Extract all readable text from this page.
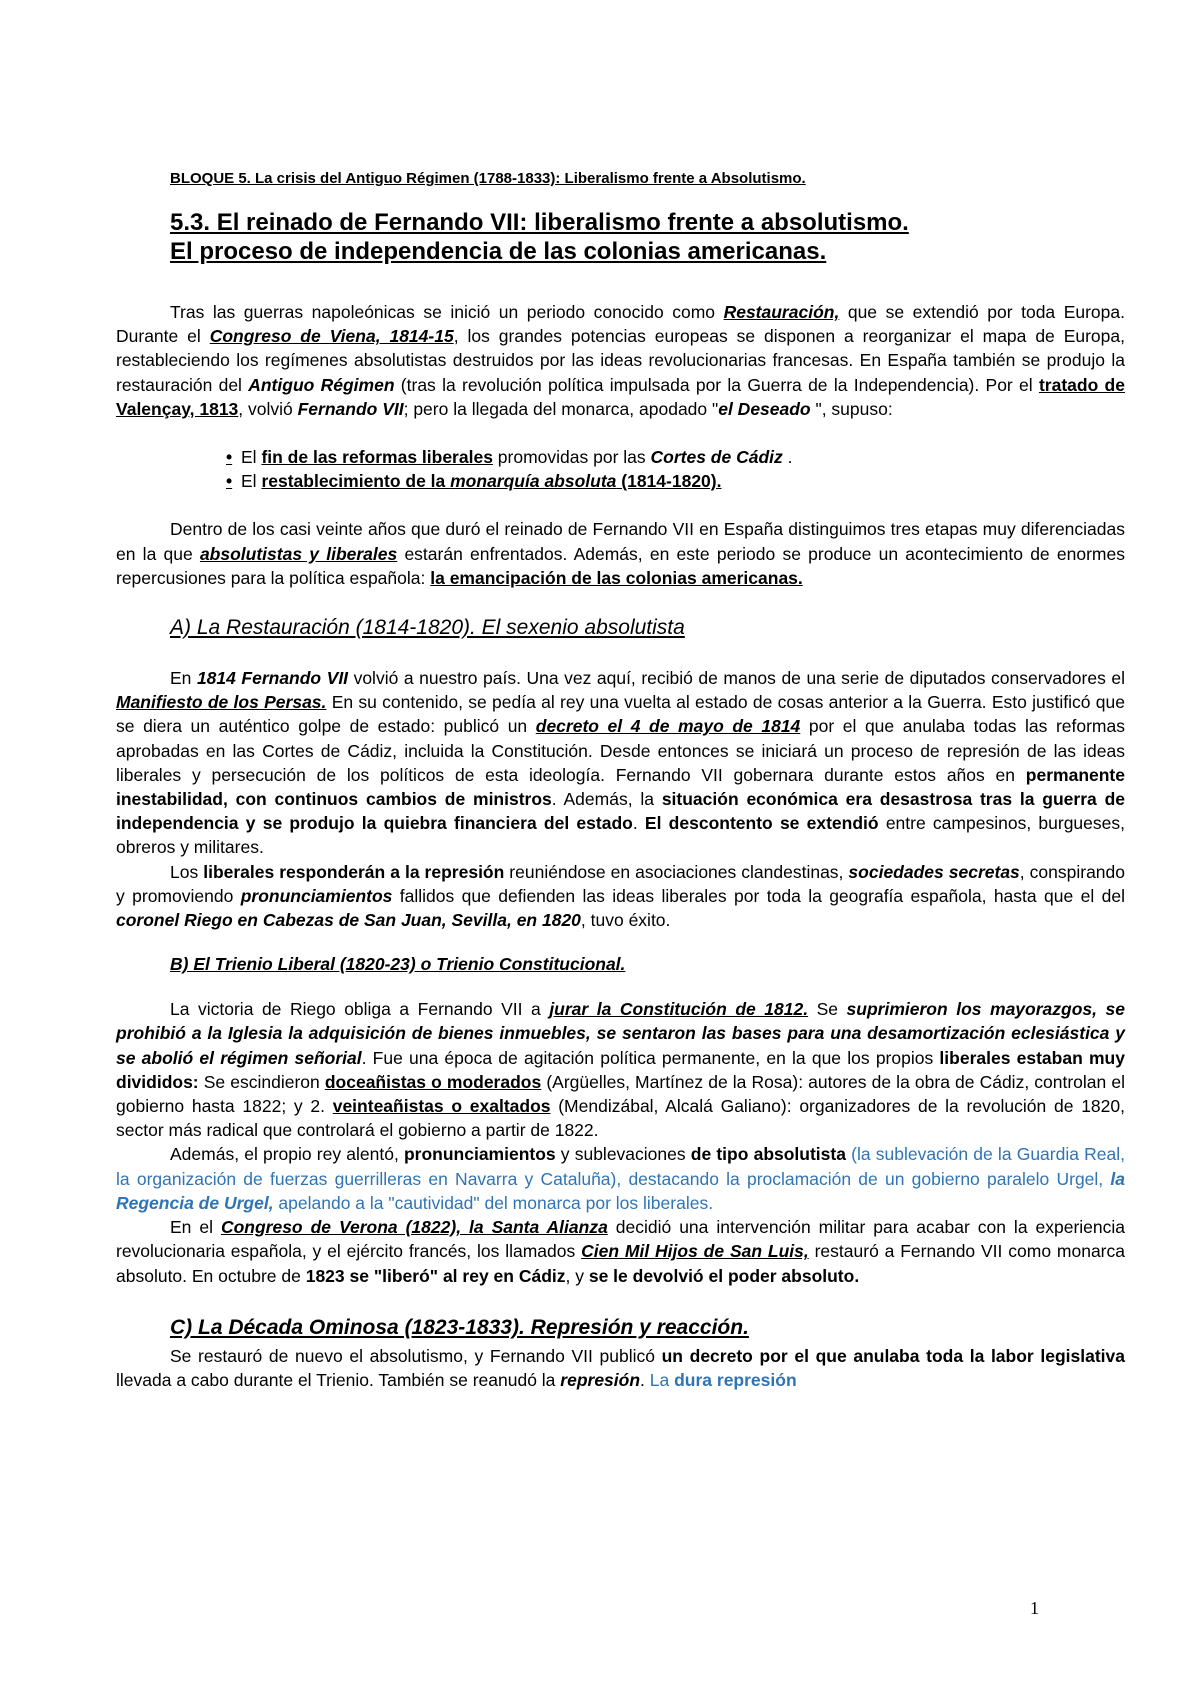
BLOQUE 5. La crisis del Antiguo Régimen (1788-1833): Liberalismo frente a Absolutismo.
5.3. El reinado de Fernando VII: liberalismo frente a absolutismo.
El proceso de independencia de las colonias americanas.

Tras las guerras napoleónicas se inició un periodo conocido como Restauración, que se extendió por toda Europa. Durante el Congreso de Viena, 1814-15, los grandes potencias europeas se disponen a reorganizar el mapa de Europa, restableciendo los regímenes absolutistas destruidos por las ideas revolucionarias francesas. En España también se produjo la restauración del Antiguo Régimen (tras la revolución política impulsada por la Guerra de la Independencia). Por el tratado de Valençay, 1813, volvió Fernando VII; pero la llegada del monarca, apodado "el Deseado ", supuso:

• El fin de las reformas liberales promovidas por las Cortes de Cádiz .
• El restablecimiento de la monarquía absoluta (1814-1820).

Dentro de los casi veinte años que duró el reinado de Fernando VII en España distinguimos tres etapas muy diferenciadas en la que absolutistas y liberales estarán enfrentados. Además, en este periodo se produce un acontecimiento de enormes repercusiones para la política española: la emancipación de las colonias americanas.

A) La Restauración (1814-1820). El sexenio absolutista

En 1814 Fernando VII volvió a nuestro país. Una vez aquí, recibió de manos de una serie de diputados conservadores el Manifiesto de los Persas. En su contenido, se pedía al rey una vuelta al estado de cosas anterior a la Guerra. Esto justificó que se diera un auténtico golpe de estado: publicó un decreto el 4 de mayo de 1814 por el que anulaba todas las reformas aprobadas en las Cortes de Cádiz, incluida la Constitución. Desde entonces se iniciará un proceso de represión de las ideas liberales y persecución de los políticos de esta ideología. Fernando VII gobernara durante estos años en permanente inestabilidad, con continuos cambios de ministros. Además, la situación económica era desastrosa tras la guerra de independencia y se produjo la quiebra financiera del estado. El descontento se extendió entre campesinos, burgueses, obreros y militares.

Los liberales responderán a la represión reuniéndose en asociaciones clandestinas, sociedades secretas, conspirando y promoviendo pronunciamientos fallidos que defienden las ideas liberales por toda la geografía española, hasta que el del coronel Riego en Cabezas de San Juan, Sevilla, en 1820, tuvo éxito.

B) El Trienio Liberal (1820-23) o Trienio Constitucional.

La victoria de Riego obliga a Fernando VII a jurar la Constitución de 1812. Se suprimieron los mayorazgos, se prohibió a la Iglesia la adquisición de bienes inmuebles, se sentaron las bases para una desamortización eclesiástica y se abolió el régimen señorial. Fue una época de agitación política permanente, en la que los propios liberales estaban muy divididos: Se escindieron doceañistas o moderados (Argüelles, Martínez de la Rosa): autores de la obra de Cádiz, controlan el gobierno hasta 1822; y 2. veinteañistas o exaltados (Mendizábal, Alcalá Galiano): organizadores de la revolución de 1820, sector más radical que controlará el gobierno a partir de 1822.

Además, el propio rey alentó, pronunciamientos y sublevaciones de tipo absolutista (la sublevación de la Guardia Real, la organización de fuerzas guerrilleras en Navarra y Cataluña), destacando la proclamación de un gobierno paralelo Urgel, la Regencia de Urgel, apelando a la "cautividad" del monarca por los liberales.

En el Congreso de Verona (1822), la Santa Alianza decidió una intervención militar para acabar con la experiencia revolucionaria española, y el ejército francés, los llamados Cien Mil Hijos de San Luis, restauró a Fernando VII como monarca absoluto. En octubre de 1823 se "liberó" al rey en Cádiz, y se le devolvió el poder absoluto.

C) La Década Ominosa (1823-1833). Represión y reacción.

Se restauró de nuevo el absolutismo, y Fernando VII publicó un decreto por el que anulaba toda la labor legislativa llevada a cabo durante el Trienio. También se reanudó la represión. La dura represión

1
